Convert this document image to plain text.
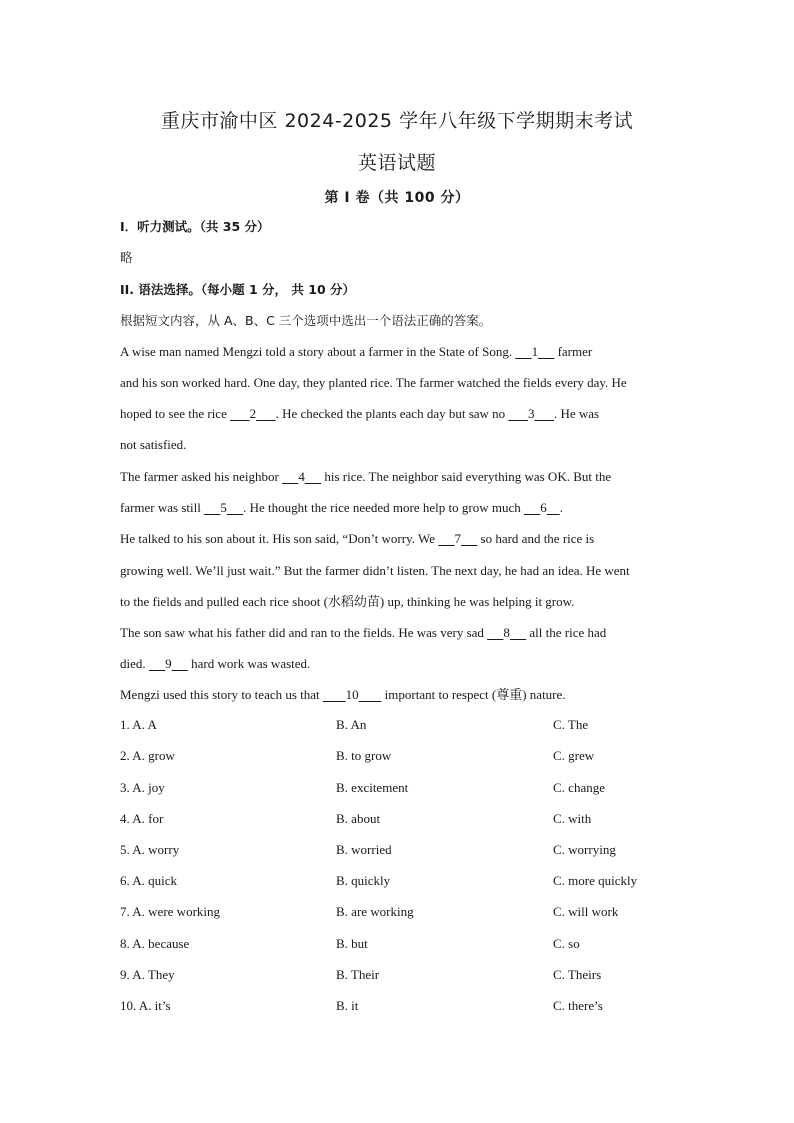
重庆市渝中区 2024-2025 学年八年级下学期期末考试
英语试题
第 I 卷（共 100 分）
I．听力测试。（共 35 分）
略
II. 语法选择。（每小题 1 分， 共 10 分）
根据短文内容，从 A、B、C 三个选项中选出一个语法正确的答案。
A wise man named Mengzi told a story about a farmer in the State of Song.      1      farmer
and his son worked hard. One day, they planted rice. The farmer watched the fields every day. He
hoped to see the rice       2 . He checked the plants each day but saw no       3 . He was
not satisfied.
The farmer asked his neighbor      4      his rice. The neighbor said everything was OK. But the
farmer was still      5 . He thought the rice needed more help to grow much      6 .
He talked to his son about it. His son said, “Don’t worry. We      7      so hard and the rice is
growing well. We’ll just wait.” But the farmer didn’t listen. The next day, he had an idea. He went
to the fields and pulled each rice shoot (水稻幼苗) up, thinking he was helping it grow.
The son saw what his father did and ran to the fields. He was very sad      8      all the rice had
died.      9      hard work was wasted.
Mengzi used this story to teach us that        10        important to respect (尊重) nature.
1. A. A	B. An	C. The
2. A. grow	B. to grow	C. grew
3. A. joy	B. excitement	C. change
4. A. for	B. about	C. with
5. A. worry	B. worried	C. worrying
6. A. quick	B. quickly	C. more quickly
7. A. were working	B. are working	C. will work
8. A. because	B. but	C. so
9. A. They	B. Their	C. Theirs
10. A. it’s	B. it	C. there’s
